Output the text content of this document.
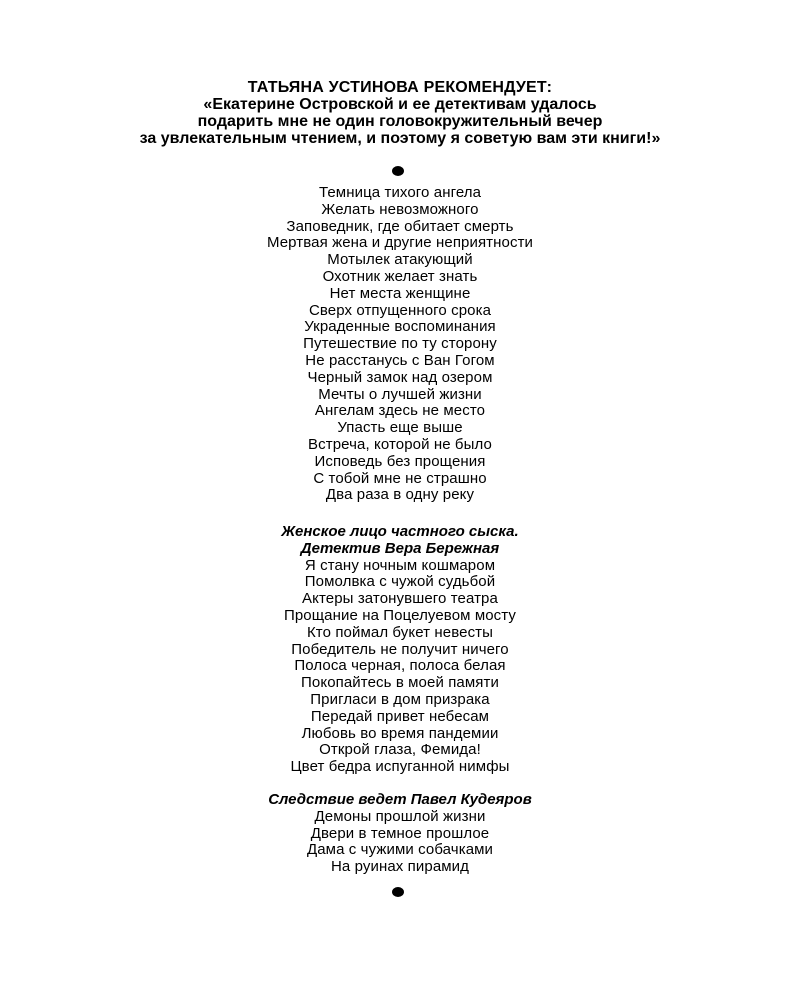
ТАТЬЯНА УСТИНОВА РЕКОМЕНДУЕТ:
«Екатерине Островской и ее детективам удалось
подарить мне не один головокружительный вечер
за увлекательным чтением, и поэтому я советую вам эти книги!»
Темница тихого ангела
Желать невозможного
Заповедник, где обитает смерть
Мертвая жена и другие неприятности
Мотылек атакующий
Охотник желает знать
Нет места женщине
Сверх отпущенного срока
Украденные воспоминания
Путешествие по ту сторону
Не расстанусь с Ван Гогом
Черный замок над озером
Мечты о лучшей жизни
Ангелам здесь не место
Упасть еще выше
Встреча, которой не было
Исповедь без прощения
С тобой мне не страшно
Два раза в одну реку
Женское лицо частного сыска.
Детектив Вера Бережная
Я стану ночным кошмаром
Помолвка с чужой судьбой
Актеры затонувшего театра
Прощание на Поцелуевом мосту
Кто поймал букет невесты
Победитель не получит ничего
Полоса черная, полоса белая
Покопайтесь в моей памяти
Пригласи в дом призрака
Передай привет небесам
Любовь во время пандемии
Открой глаза, Фемида!
Цвет бедра испуганной нимфы
Следствие ведет Павел Кудеяров
Демоны прошлой жизни
Двери в темное прошлое
Дама с чужими собачками
На руинах пирамид
